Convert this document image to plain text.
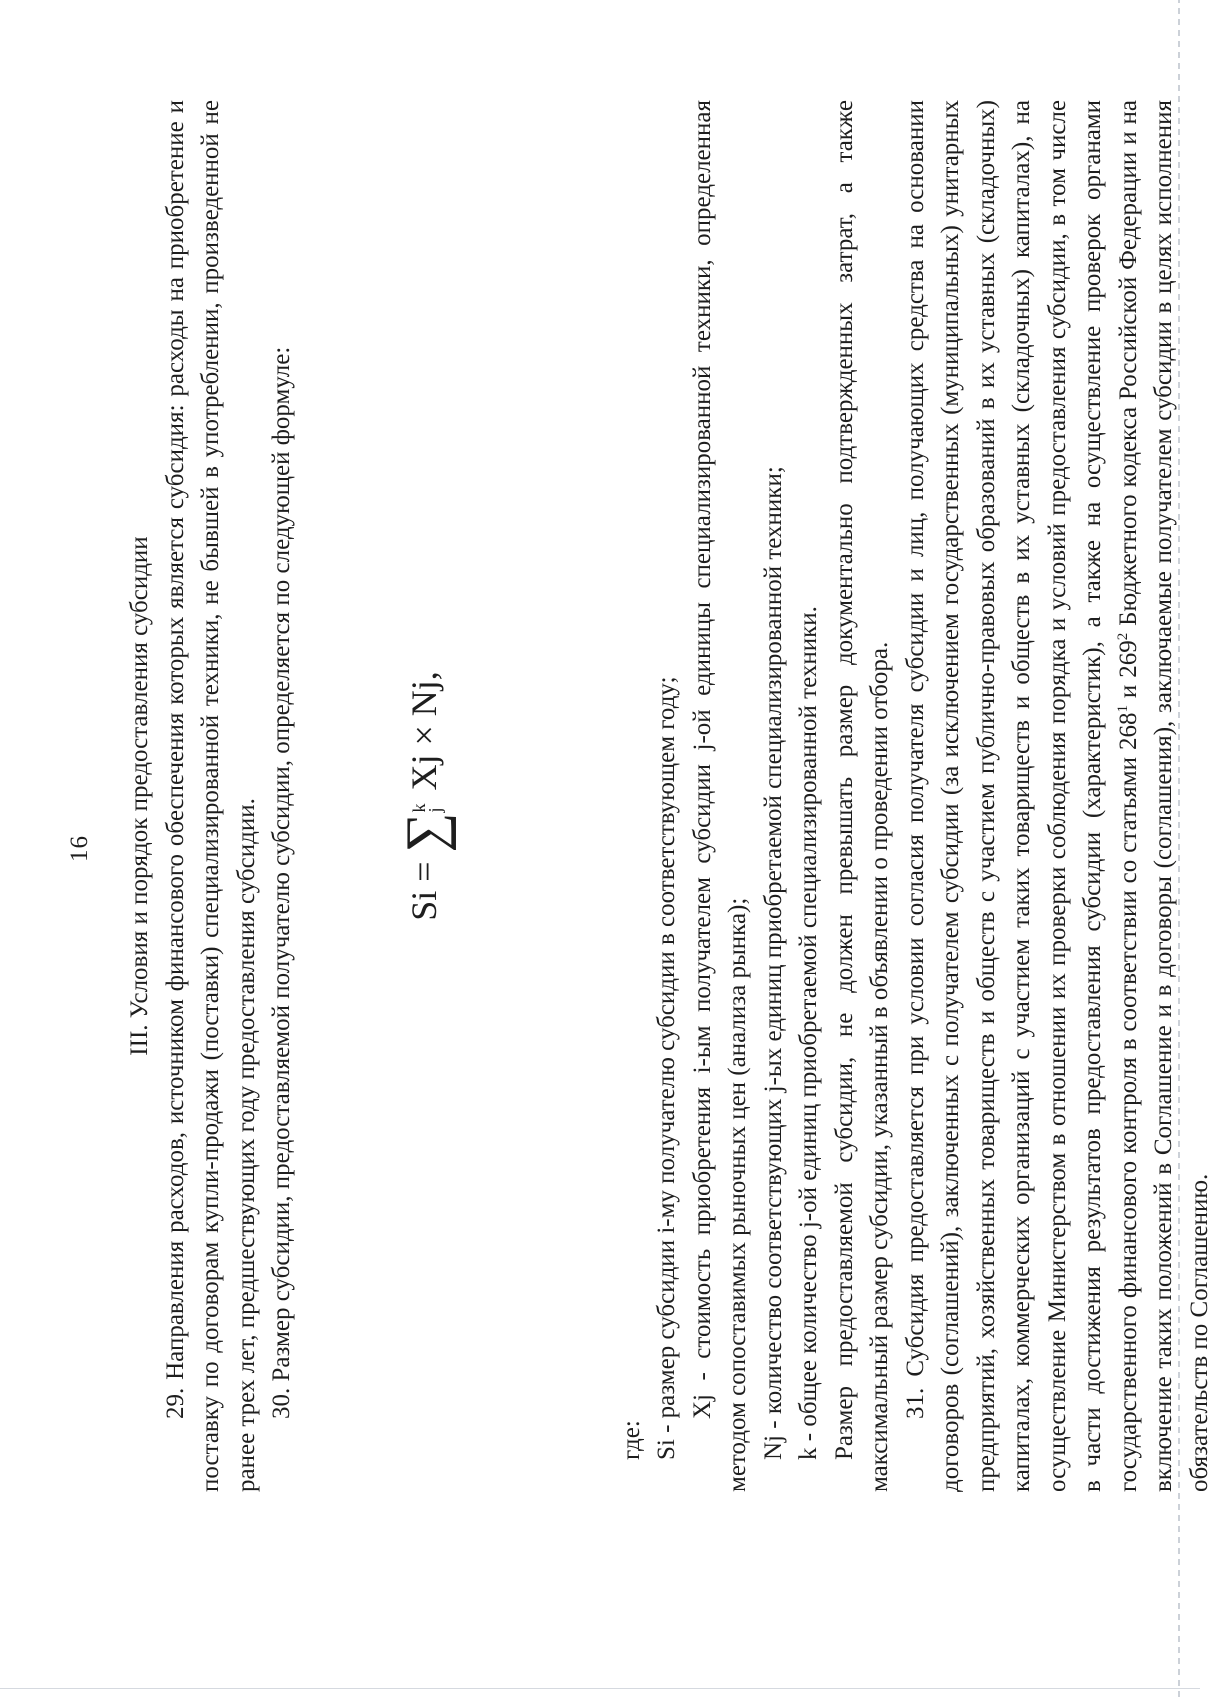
16 III. Условия и порядок предоставления субсидии 29. Направления расходов, источником финансового обеспечения которых является субсидия: расходы на приобретение и поставку по договорам купли-продажи (поставки) специализированной техники, не бывшей в употреблении, произведенной не ранее трех лет, предшествующих году предоставления субсидии. 30. Размер субсидии, предоставляемой получателю субсидии, определяется по следующей формуле:	Si = ∑
k
j
Xj × Nj,

где: Si - размер субсидии i-му получателю субсидии в соответствующем году; Xj - стоимость приобретения i-ым получателем субсидии j-ой единицы специализированной техники, определенная методом сопоставимых рыночных цен (анализа рынка); Nj - количество соответствующих j-ых единиц приобретаемой специализированной техники; k - общее количество j-ой единиц приобретаемой специализированной техники. Размер предоставляемой субсидии, не должен превышать размер документально подтвержденных затрат, а также максимальный размер субсидии, указанный в объявлении о проведении отбора. 31. Субсидия предоставляется при условии согласия получателя субсидии и лиц, получающих средства на основании договоров (соглашений), заключенных с получателем субсидии (за исключением государственных (муниципальных) унитарных предприятий, хозяйственных товариществ и обществ с участием публично-правовых образований в их уставных (складочных) капиталах, коммерческих организаций с участием таких товариществ и обществ в их уставных (складочных) капиталах), на осуществление Министерством в отношении их проверки соблюдения порядка и условий предоставления субсидии, в том числе в части достижения результатов предоставления субсидии (характеристик), а также на осуществление проверок органами государственного финансового контроля в соответствии со статьями 268$^1$ и 269$^2$ Бюджетного кодекса Российской Федерации и на включение таких положений в Соглашение и в договоры (соглашения), заключаемые получателем субсидии в целях исполнения обязательств по Соглашению.
